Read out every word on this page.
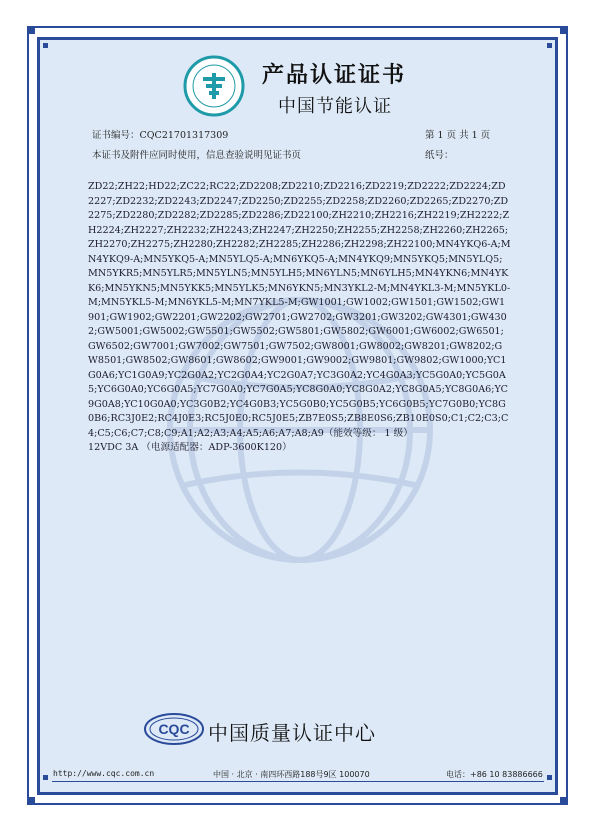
产品认证证书
中国节能认证
证书编号：CQC21701317309	第 1 页 共 1 页
本证书及附件应同时使用，信息查验说明见证书页	纸号：

ZD22;ZH22;HD22;ZC22;RC22;ZD2208;ZD2210;ZD2216;ZD2219;ZD2222;ZD2224;ZD2227;ZD2232;ZD2243;ZD2247;ZD2250;ZD2255;ZD2258;ZD2260;ZD2265;ZD2270;ZD2275;ZD2280;ZD2282;ZD2285;ZD2286;ZD22100;ZH2210;ZH2216;ZH2219;ZH2222;ZH2224;ZH2227;ZH2232;ZH2243;ZH2247;ZH2250;ZH2255;ZH2258;ZH2260;ZH2265;ZH2270;ZH2275;ZH2280;ZH2282;ZH2285;ZH2286;ZH2298;ZH22100;MN4YKQ6-A;MN4YKQ9-A;MN5YKQ5-A;MN5YLQ5-A;MN6YKQ5-A;MN4YKQ9;MN5YKQ5;MN5YLQ5;MN5YKR5;MN5YLR5;MN5YLN5;MN5YLH5;MN6YLN5;MN6YLH5;MN4YKN6;MN4YKK6;MN5YKN5;MN5YKK5;MN5YLK5;MN6YKN5;MN3YKL2-M;MN4YKL3-M;MN5YKL0-M;MN5YKL5-M;MN6YKL5-M;MN7YKL5-M;GW1001;GW1002;GW1501;GW1502;GW1901;GW1902;GW2201;GW2202;GW2701;GW2702;GW3201;GW3202;GW4301;GW4302;GW5001;GW5002;GW5501;GW5502;GW5801;GW5802;GW6001;GW6002;GW6501;GW6502;GW7001;GW7002;GW7501;GW7502;GW8001;GW8002;GW8201;GW8202;GW8501;GW8502;GW8601;GW8602;GW9001;GW9002;GW9801;GW9802;GW1000;YC1G0A6;YC1G0A9;YC2G0A2;YC2G0A4;YC2G0A7;YC3G0A2;YC4G0A3;YC5G0A0;YC5G0A5;YC6G0A0;YC6G0A5;YC7G0A0;YC7G0A5;YC8G0A0;YC8G0A2;YC8G0A5;YC8G0A6;YC9G0A8;YC10G0A0;YC3G0B2;YC4G0B3;YC5G0B0;YC5G0B5;YC6G0B5;YC7G0B0;YC8G0B6;RC3J0E2;RC4J0E3;RC5J0E0;RC5J0E5;ZB7E0S5;ZB8E0S6;ZB10E0S0;C1;C2;C3;C4;C5;C6;C7;C8;C9;A1;A2;A3;A4;A5;A6;A7;A8;A9（能效等级： 1 级）

12VDC 3A （电源适配器：ADP-3600K120）

CQC 中国质量认证中心
http://www.cqc.com.cn	中国 · 北京 · 南四环西路188号9区 100070	电话：+86 10 83886666
